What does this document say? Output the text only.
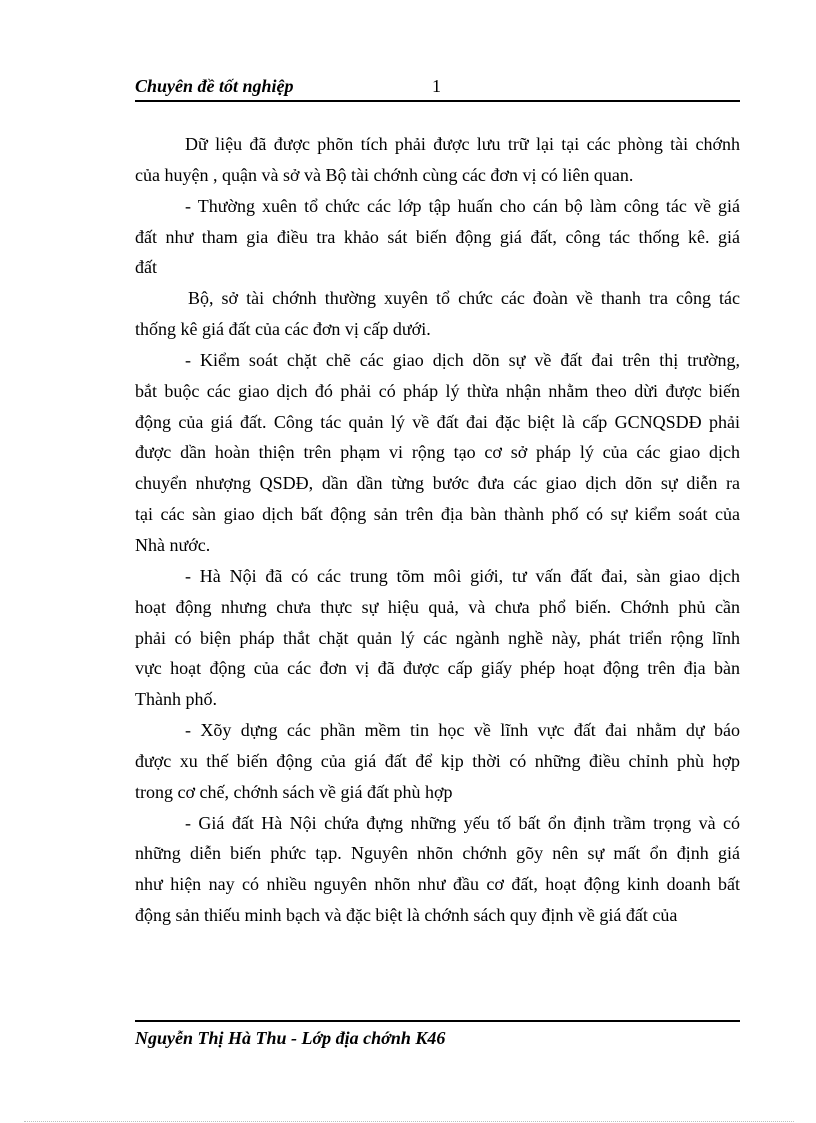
Chuyên đề tốt nghiệp	1
Dữ liệu đã được phõn tích phải được lưu trữ lại tại các phòng tài chớnh
của huyện , quận và sở và Bộ tài chớnh cùng các đơn vị có liên quan.
- Thường xuên tổ chức các lớp tập huấn cho cán bộ làm công tác về giá
đất như tham gia điều tra khảo sát biến động giá đất, công tác thống kê. giá
đất
Bộ, sở tài chớnh thường xuyên tổ chức các đoàn về thanh tra công tác
thống kê giá đất của các đơn vị cấp dưới.
- Kiểm soát chặt chẽ các giao dịch dõn sự về đất đai trên thị trường,
bắt buộc các giao dịch đó phải có pháp lý thừa nhận nhằm theo dừi được biến
động của giá đất. Công tác quản lý về đất đai đặc biệt là cấp GCNQSDĐ phải
được dần hoàn thiện trên phạm vi rộng tạo cơ sở pháp lý của các giao dịch
chuyển nhượng QSDĐ, dần dần từng bước đưa các giao dịch dõn sự diễn ra
tại các sàn giao dịch bất động sản trên địa bàn thành phố có sự kiểm soát của
Nhà nước.
- Hà Nội đã có các trung tõm môi giới, tư vấn đất đai, sàn giao dịch
hoạt động nhưng chưa thực sự hiệu quả, và chưa phổ biến. Chớnh phủ cần
phải có biện pháp thắt chặt quản lý các ngành nghề này, phát triển rộng lĩnh
vực hoạt động của các đơn vị đã được cấp giấy phép hoạt động trên địa bàn
Thành phố.
- Xõy dựng các phần mềm tin học về lĩnh vực đất đai nhằm dự báo
được xu thế biến động của giá đất để kịp thời có những điều chỉnh phù hợp
trong cơ chế, chớnh sách về giá đất phù hợp
- Giá đất Hà Nội chứa đựng những yếu tố bất ổn định trầm trọng và có
những diễn biến phức tạp. Nguyên nhõn chớnh gõy nên sự mất ổn định giá
như hiện nay có nhiều nguyên nhõn như đầu cơ đất, hoạt động kinh doanh bất
động sản thiếu minh bạch và đặc biệt là chớnh sách quy định về giá đất của
Nguyễn Thị Hà Thu - Lớp địa chớnh K46
